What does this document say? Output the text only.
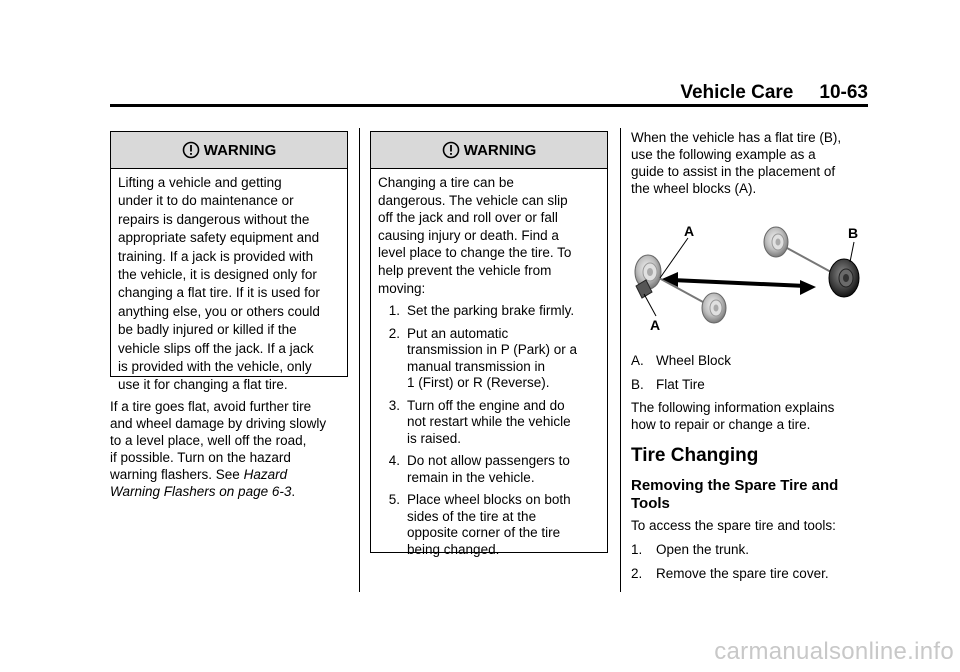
Vehicle Care 10-63
WARNING
Lifting a vehicle and getting
under it to do maintenance or
repairs is dangerous without the
appropriate safety equipment and
training. If a jack is provided with
the vehicle, it is designed only for
changing a flat tire. If it is used for
anything else, you or others could
be badly injured or killed if the
vehicle slips off the jack. If a jack
is provided with the vehicle, only
use it for changing a flat tire.
If a tire goes flat, avoid further tire
and wheel damage by driving slowly
to a level place, well off the road,
if possible. Turn on the hazard
warning flashers. See Hazard
Warning Flashers on page 6-3.
WARNING
Changing a tire can be
dangerous. The vehicle can slip
off the jack and roll over or fall
causing injury or death. Find a
level place to change the tire. To
help prevent the vehicle from
moving:
1. Set the parking brake firmly.
2. Put an automatic
transmission in P (Park) or a
manual transmission in
1 (First) or R (Reverse).
3. Turn off the engine and do
not restart while the vehicle
is raised.
4. Do not allow passengers to
remain in the vehicle.
5. Place wheel blocks on both
sides of the tire at the
opposite corner of the tire
being changed.
When the vehicle has a flat tire (B),
use the following example as a
guide to assist in the placement of
the wheel blocks (A).
A
A
B
A. Wheel Block
B. Flat Tire
The following information explains
how to repair or change a tire.
Tire Changing
Removing the Spare Tire and
Tools
To access the spare tire and tools:
1. Open the trunk.
2. Remove the spare tire cover.
carmanualsonline.info
